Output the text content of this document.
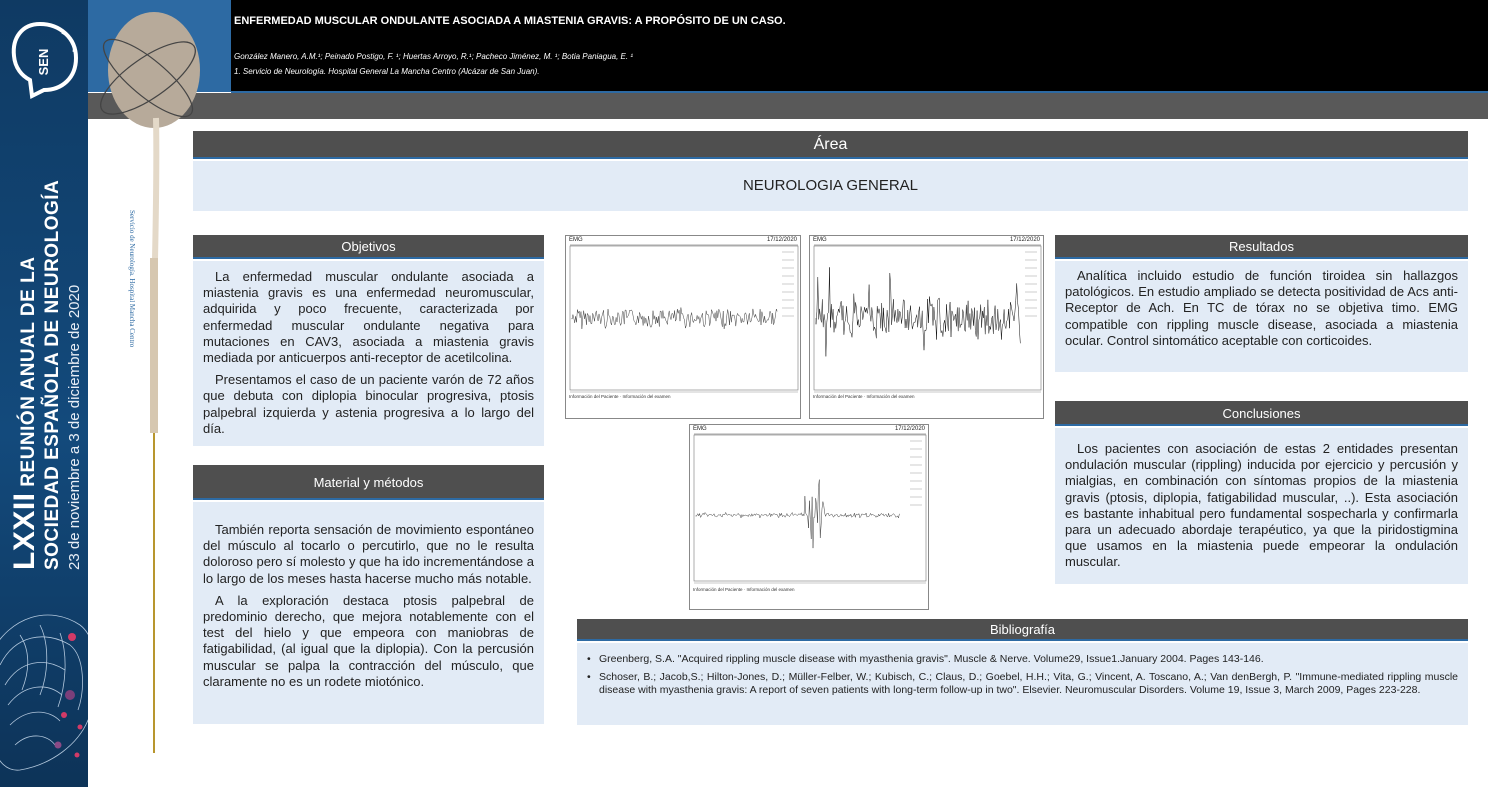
SEN
LXXII REUNIÓN ANUAL DE LA SOCIEDAD ESPAÑOLA DE NEUROLOGÍA 23 de noviembre a 3 de diciembre de 2020
ENFERMEDAD MUSCULAR ONDULANTE ASOCIADA A MIASTENIA GRAVIS: A PROPÓSITO DE UN CASO.
González Manero, A.M.¹; Peinado Postigo, F. ¹; Huertas Arroyo, R.¹; Pacheco Jiménez, M. ¹; Botia Paniagua, E. ¹
1. Servicio de Neurología. Hospital General La Mancha Centro (Alcázar de San Juan).
Servicio de Neurología. Hospital Mancha Centro
Área
NEUROLOGIA GENERAL
Objetivos

La enfermedad muscular ondulante asociada a miastenia gravis es una enfermedad neuromuscular, adquirida y poco frecuente, caracterizada por enfermedad muscular ondulante negativa para mutaciones en CAV3, asociada a miastenia gravis mediada por anticuerpos anti-receptor de acetilcolina.

Presentamos el caso de un paciente varón de 72 años que debuta con diplopia binocular progresiva, ptosis palpebral izquierda y astenia progresiva a lo largo del día.

Material y métodos

También reporta sensación de movimiento espontáneo del músculo al tocarlo o percutirlo, que no le resulta doloroso pero sí molesto y que ha ido incrementándose a lo largo de los meses hasta hacerse mucho más notable.

A la exploración destaca ptosis palpebral de predominio derecho, que mejora notablemente con el test del hielo y que empeora con maniobras de fatigabilidad, (al igual que la diplopia). Con la percusión muscular se palpa la contracción del músculo, que claramente no es un rodete miotónico.

EMG	17/12/2020
Información del Paciente · Información del examen
EMG	17/12/2020
Información del Paciente · Información del examen
EMG	17/12/2020
Información del Paciente · Información del examen
Resultados

Analítica incluido estudio de función tiroidea sin hallazgos patológicos. En estudio ampliado se detecta positividad de Acs anti-Receptor de Ach. En TC de tórax no se objetiva timo. EMG compatible con rippling muscle disease, asociada a miastenia ocular. Control sintomático aceptable con corticoides.

Conclusiones

Los pacientes con asociación de estas 2 entidades presentan ondulación muscular (rippling) inducida por ejercicio y percusión y mialgias, en combinación con síntomas propios de la miastenia gravis (ptosis, diplopia, fatigabilidad muscular, ..). Esta asociación es bastante inhabitual pero fundamental sospecharla y confirmarla para un adecuado abordaje terapéutico, ya que la piridostigmina que usamos en la miastenia puede empeorar la ondulación muscular.

Bibliografía
• Greenberg, S.A. "Acquired rippling muscle disease with myasthenia gravis". Muscle & Nerve. Volume29, Issue1.January 2004. Pages 143-146.
• Schoser, B.; Jacob,S.; Hilton-Jones, D.; Müller-Felber, W.; Kubisch, C.; Claus, D.; Goebel, H.H.; Vita, G.; Vincent, A. Toscano, A.; Van denBergh, P. "Immune-mediated rippling muscle disease with myasthenia gravis: A report of seven patients with long-term follow-up in two". Elsevier. Neuromuscular Disorders. Volume 19, Issue 3, March 2009, Pages 223-228.
